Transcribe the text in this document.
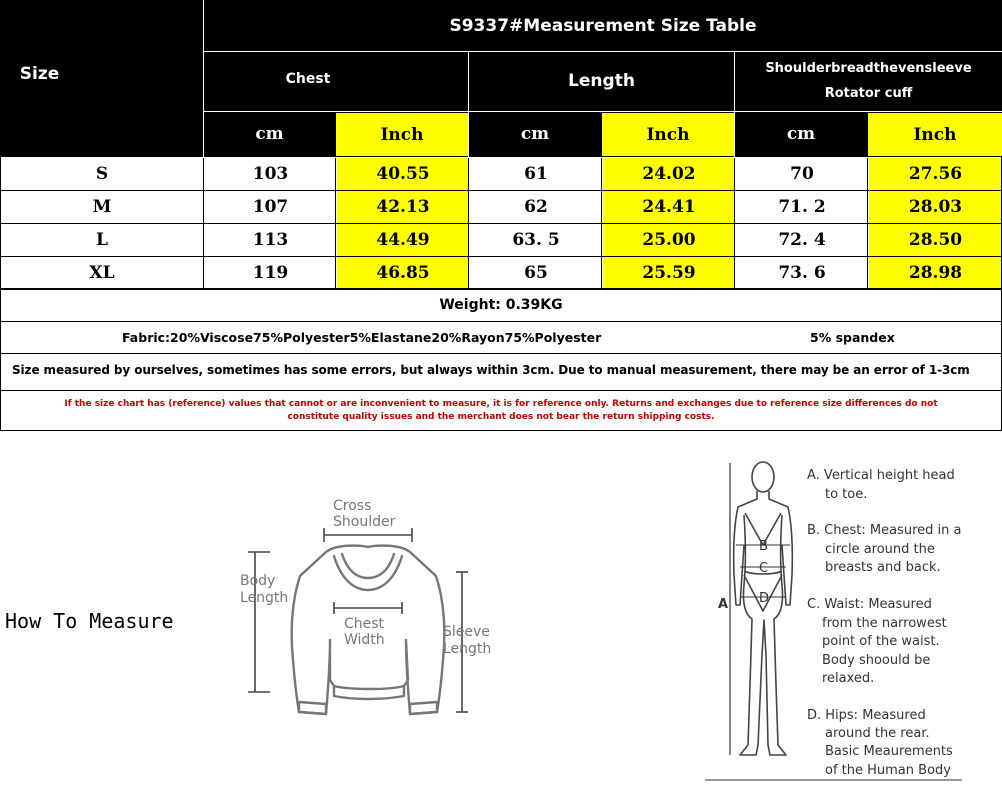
Size
S9337#Measurement Size Table
Chest	Length
Shoulderbreadthevensleeve
Rotator cuff
cm	Inch	cm	Inch	cm	Inch
S	103	40.55	61	24.02	70	27.56
M	107	42.13	62	24.41	71. 2	28.03
L	113	44.49	63. 5	25.00	72. 4	28.50
XL	119	46.85	65	25.59	73. 6	28.98
Weight: 0.39KG
Fabric:20%Viscose75%Polyester5%Elastane20%Rayon75%Polyester	5% spandex
Size measured by ourselves, sometimes has some errors, but always within 3cm. Due to manual measurement, there may be an error of 1-3cm
If the size chart has (reference) values that cannot or are inconvenient to measure, it is for reference only. Returns and exchanges due to reference size differences do not
constitute quality issues and the merchant does not bear the return shipping costs.
How To Measure
Cross
Shoulder
Body
Length
Chest
Width	Sleeve
Length
A
B
C
D
A. Vertical height head
to toe.
B. Chest: Measured in a
circle around the
breasts and back.
C. Waist: Measured
from the narrowest
point of the waist.
Body shoould be
relaxed.
D. Hips: Measured
around the rear.
Basic Meaurements
of the Human Body
